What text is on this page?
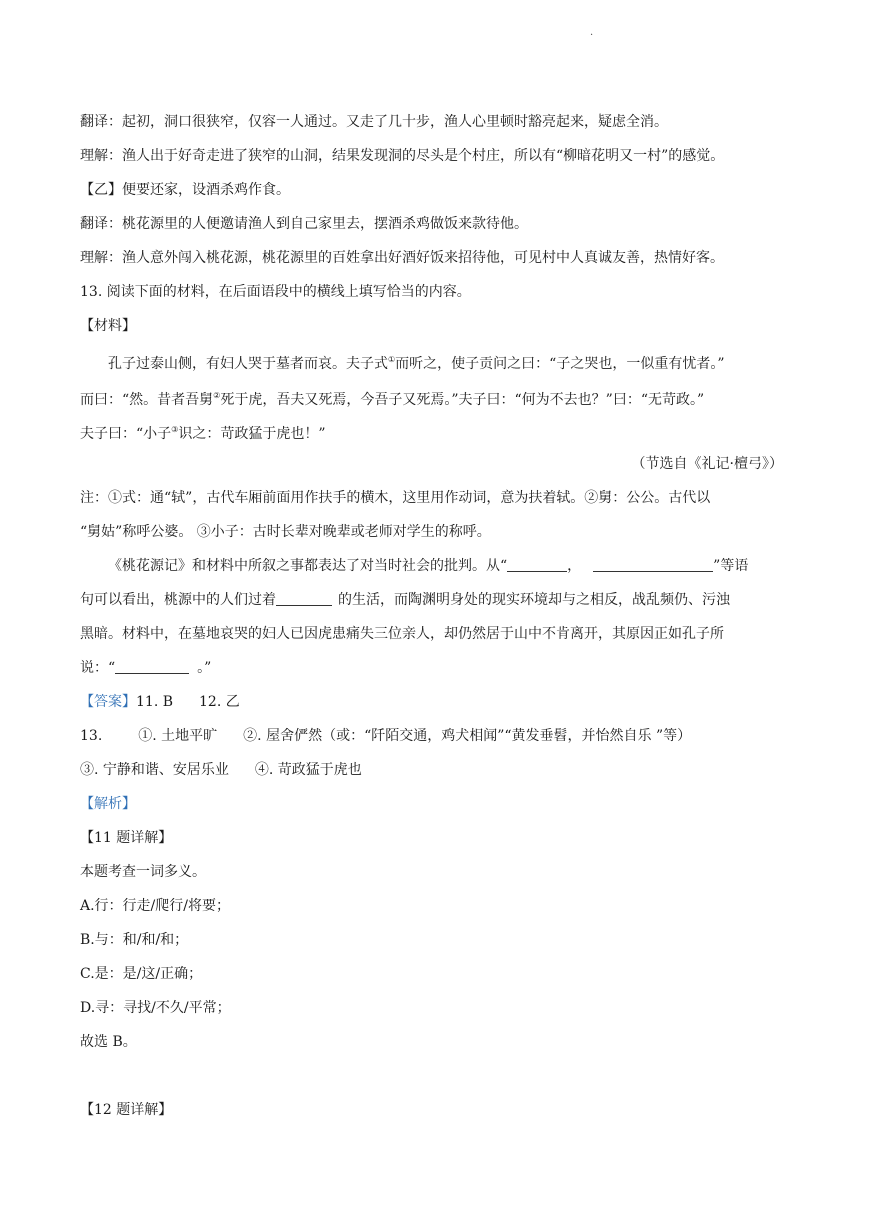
·
翻译：起初，洞口很狭窄，仅容一人通过。又走了几十步，渔人心里顿时豁亮起来，疑虑全消。
理解：渔人出于好奇走进了狭窄的山洞，结果发现洞的尽头是个村庄，所以有“柳暗花明又一村”的感觉。
【乙】便要还家，设酒杀鸡作食。
翻译：桃花源里的人便邀请渔人到自己家里去，摆酒杀鸡做饭来款待他。
理解：渔人意外闯入桃花源，桃花源里的百姓拿出好酒好饭来招待他，可见村中人真诚友善，热情好客。
13. 阅读下面的材料，在后面语段中的横线上填写恰当的内容。
【材料】
孔子过泰山侧，有妇人哭于墓者而哀。夫子式①而听之，使子贡问之曰：“子之哭也，一似重有忧者。”
而曰：“然。昔者吾舅②死于虎，吾夫又死焉，今吾子又死焉。”夫子曰：“何为不去也？”曰：“无苛政。”
夫子曰：“小子③识之：苛政猛于虎也！”
（节选自《礼记·檀弓》）
注：①式：通“轼”，古代车厢前面用作扶手的横木，这里用作动词，意为扶着轼。②舅：公公。古代以
“舅姑”称呼公婆。 ③小子：古时长辈对晚辈或老师对学生的称呼。
《桃花源记》和材料中所叙之事都表达了对当时社会的批判。从“	，	”等语
句可以看出，桃源中的人们过着	的生活，而陶渊明身处的现实环境却与之相反，战乱频仍、污浊
黑暗。材料中，在墓地哀哭的妇人已因虎患痛失三位亲人，却仍然居于山中不肯离开，其原因正如孔子所
说：“	。”
【答案】11. B 12. 乙
13.	①. 土地平旷 ②. 屋舍俨然（或：“阡陌交通，鸡犬相闻”“黄发垂髫，并怡然自乐 ”等）
③. 宁静和谐、安居乐业 ④. 苛政猛于虎也
【解析】
【11 题详解】
本题考查一词多义。
A.行：行走/爬行/将要；
B.与：和/和/和；
C.是：是/这/正确；
D.寻：寻找/不久/平常；
故选 B。
【12 题详解】
